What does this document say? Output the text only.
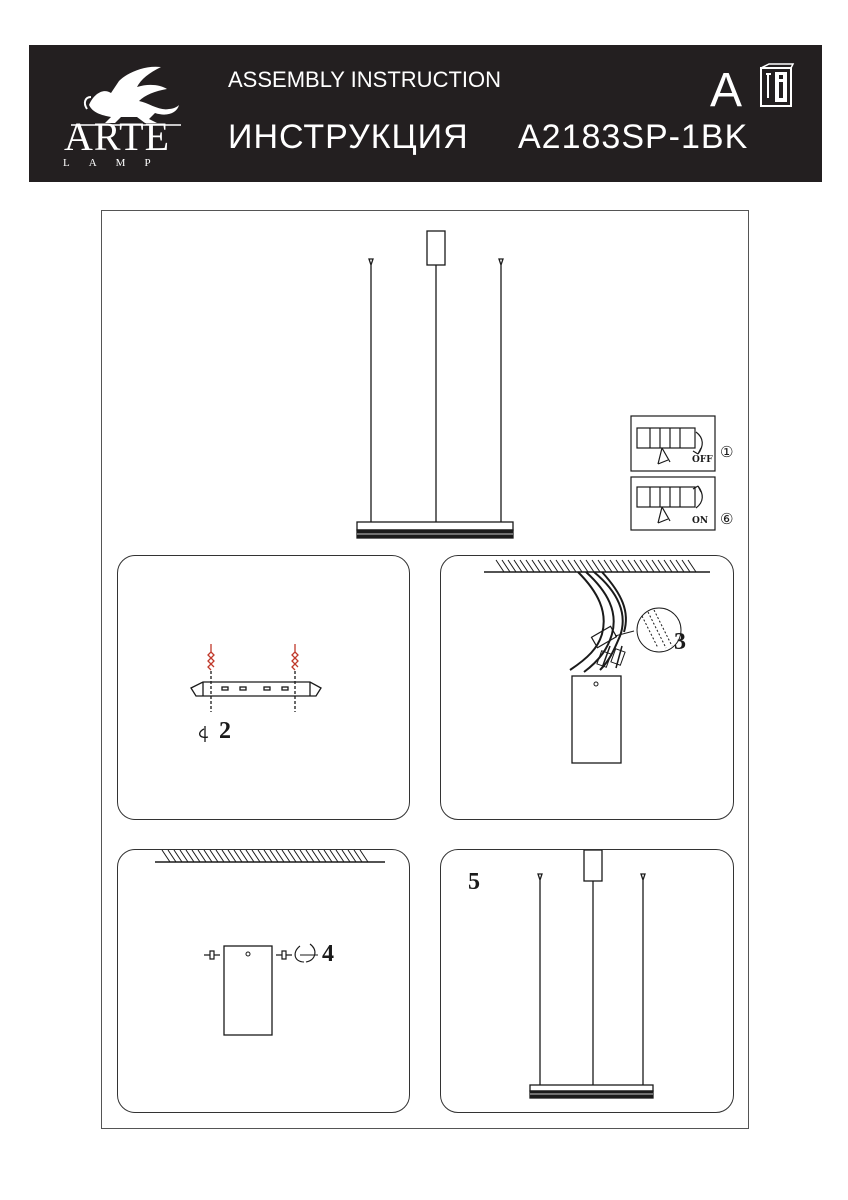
ARTE
LAMP
ASSEMBLY INSTRUCTION
ИНСТРУКЦИЯ A2183SP-1BK
A
OFF ①
ON ⑥
2
3
4
5
